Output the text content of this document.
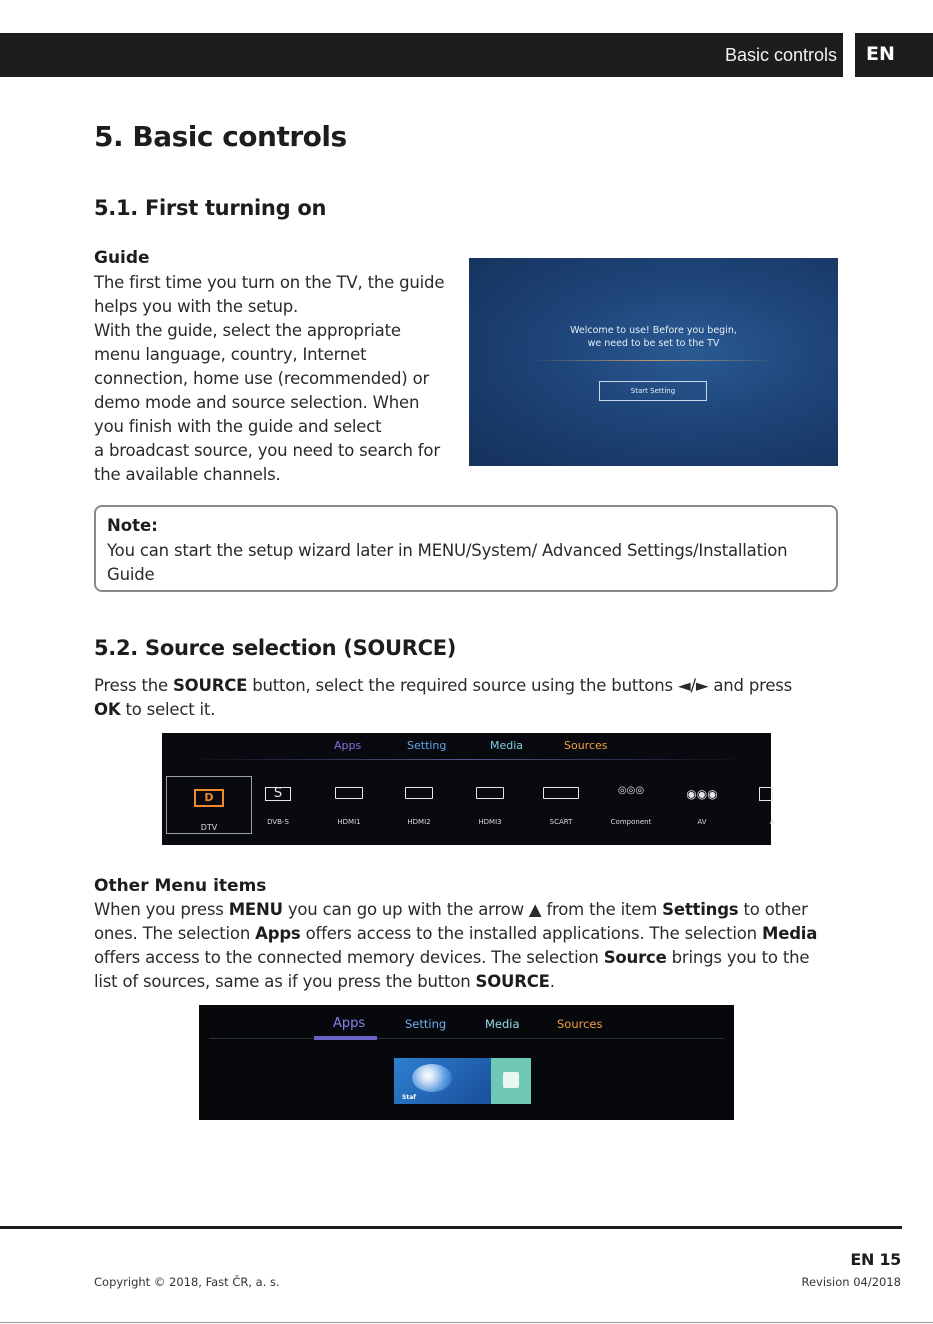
Basic controls EN
5. Basic controls
5.1. First turning on
Guide
The first time you turn on the TV, the guide
helps you with the setup.
With the guide, select the appropriate
menu language, country, Internet
connection, home use (recommended) or
demo mode and source selection. When
you finish with the guide and select
a broadcast source, you need to search for
the available channels.
Welcome to use! Before you begin,
we need to be set to the TV
Start Setting
Note:
You can start the setup wizard later in MENU/System/ Advanced Settings/Installation
Guide
5.2. Source selection (SOURCE)
Press the SOURCE button, select the required source using the buttons ◄/► and press
OK to select it.
Apps	Setting	Media	Sources
D
DTV
S
DVB-S	HDMI1	HDMI2	HDMI3	SCART
◎◎◎
Component
◉◉◉
AV	A
Other Menu items
When you press MENU you can go up with the arrow ▲ from the item Settings to other
ones. The selection Apps offers access to the installed applications. The selection Media
offers access to the connected memory devices. The selection Source brings you to the
list of sources, same as if you press the button SOURCE.
Apps	Setting	Media	Sources
Staf
EN 15
Copyright © 2018, Fast ČR, a. s.	Revision 04/2018
